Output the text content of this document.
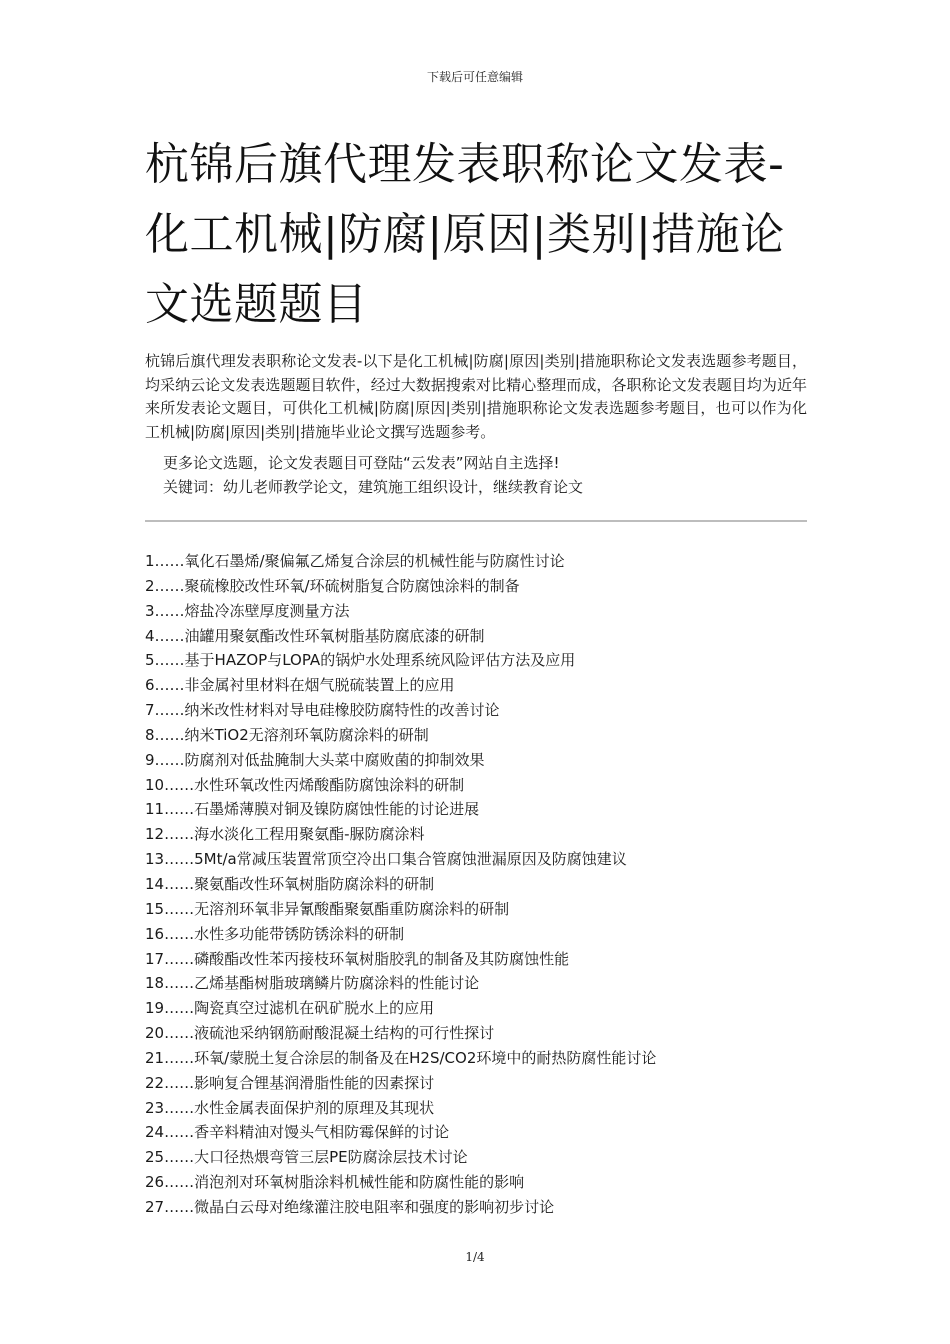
下载后可任意编辑
杭锦后旗代理发表职称论文发表-化工机械|防腐|原因|类别|措施论文选题题目

杭锦后旗代理发表职称论文发表-以下是化工机械|防腐|原因|类别|措施职称论文发表选题参考题目，均采纳云论文发表选题题目软件，经过大数据搜索对比精心整理而成，各职称论文发表题目均为近年来所发表论文题目，可供化工机械|防腐|原因|类别|措施职称论文发表选题参考题目，也可以作为化工机械|防腐|原因|类别|措施毕业论文撰写选题参考。

更多论文选题，论文发表题目可登陆“云发表”网站自主选择!

关键词：幼儿老师教学论文，建筑施工组织设计，继续教育论文

1……氧化石墨烯/聚偏氟乙烯复合涂层的机械性能与防腐性讨论
2……聚硫橡胶改性环氧/环硫树脂复合防腐蚀涂料的制备
3……熔盐冷冻壁厚度测量方法
4……油罐用聚氨酯改性环氧树脂基防腐底漆的研制
5……基于HAZOP与LOPA的锅炉水处理系统风险评估方法及应用
6……非金属衬里材料在烟气脱硫装置上的应用
7……纳米改性材料对导电硅橡胶防腐特性的改善讨论
8……纳米TiO2无溶剂环氧防腐涂料的研制
9……防腐剂对低盐腌制大头菜中腐败菌的抑制效果
10……水性环氧改性丙烯酸酯防腐蚀涂料的研制
11……石墨烯薄膜对铜及镍防腐蚀性能的讨论进展
12……海水淡化工程用聚氨酯-脲防腐涂料
13……5Mt/a常减压装置常顶空冷出口集合管腐蚀泄漏原因及防腐蚀建议
14……聚氨酯改性环氧树脂防腐涂料的研制
15……无溶剂环氧非异氰酸酯聚氨酯重防腐涂料的研制
16……水性多功能带锈防锈涂料的研制
17……磷酸酯改性苯丙接枝环氧树脂胶乳的制备及其防腐蚀性能
18……乙烯基酯树脂玻璃鳞片防腐涂料的性能讨论
19……陶瓷真空过滤机在矾矿脱水上的应用
20……液硫池采纳钢筋耐酸混凝土结构的可行性探讨
21……环氧/蒙脱土复合涂层的制备及在H2S/CO2环境中的耐热防腐性能讨论
22……影响复合锂基润滑脂性能的因素探讨
23……水性金属表面保护剂的原理及其现状
24……香辛料精油对馒头气相防霉保鲜的讨论
25……大口径热煨弯管三层PE防腐涂层技术讨论
26……消泡剂对环氧树脂涂料机械性能和防腐性能的影响
27……微晶白云母对绝缘灌注胶电阻率和强度的影响初步讨论
1/4
